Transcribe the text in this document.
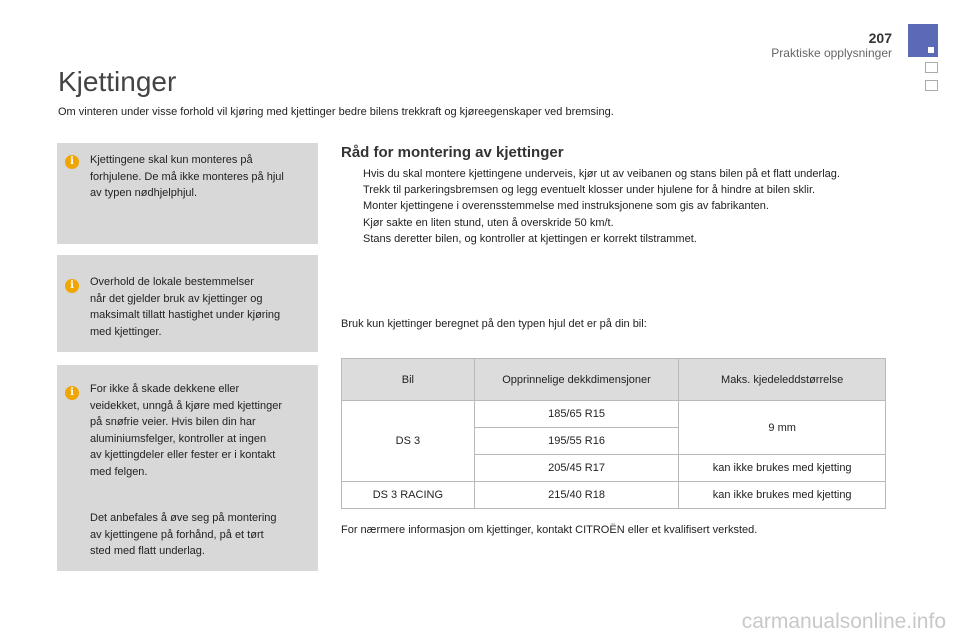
207
Praktiske opplysninger
Kjettinger

Om vinteren under visse forhold vil kjøring med kjettinger bedre bilens trekkraft og kjøreegenskaper ved bremsing.

i	Kjettingene skal kun monteres på
forhjulene. De må ikke monteres på hjul
av typen nødhjelphjul.

i	Overhold de lokale bestemmelser
når det gjelder bruk av kjettinger og
maksimalt tillatt hastighet under kjøring
med kjettinger.

i	For ikke å skade dekkene eller
veidekket, unngå å kjøre med kjettinger
på snøfrie veier. Hvis bilen din har
aluminiumsfelger, kontroller at ingen
av kjettingdeler eller fester er i kontakt
med felgen.

Det anbefales å øve seg på montering
av kjettingene på forhånd, på et tørt
sted med flatt underlag.

Råd for montering av kjettinger
Hvis du skal montere kjettingene underveis, kjør ut av veibanen og stans bilen på et flatt underlag.
Trekk til parkeringsbremsen og legg eventuelt klosser under hjulene for å hindre at bilen sklir.
Monter kjettingene i overensstemmelse med instruksjonene som gis av fabrikanten.
Kjør sakte en liten stund, uten å overskride 50 km/t.
Stans deretter bilen, og kontroller at kjettingen er korrekt tilstrammet.

Bruk kun kjettinger beregnet på den typen hjul det er på din bil:

Bil	Opprinnelige dekkdimensjoner	Maks. kjedeleddstørrelse
DS 3	185/65 R15	9 mm
	195/55 R16	
	205/45 R17	kan ikke brukes med kjetting
DS 3 RACING	215/40 R18	kan ikke brukes med kjetting

For nærmere informasjon om kjettinger, kontakt CITROËN eller et kvalifisert verksted.

carmanualsonline.info
